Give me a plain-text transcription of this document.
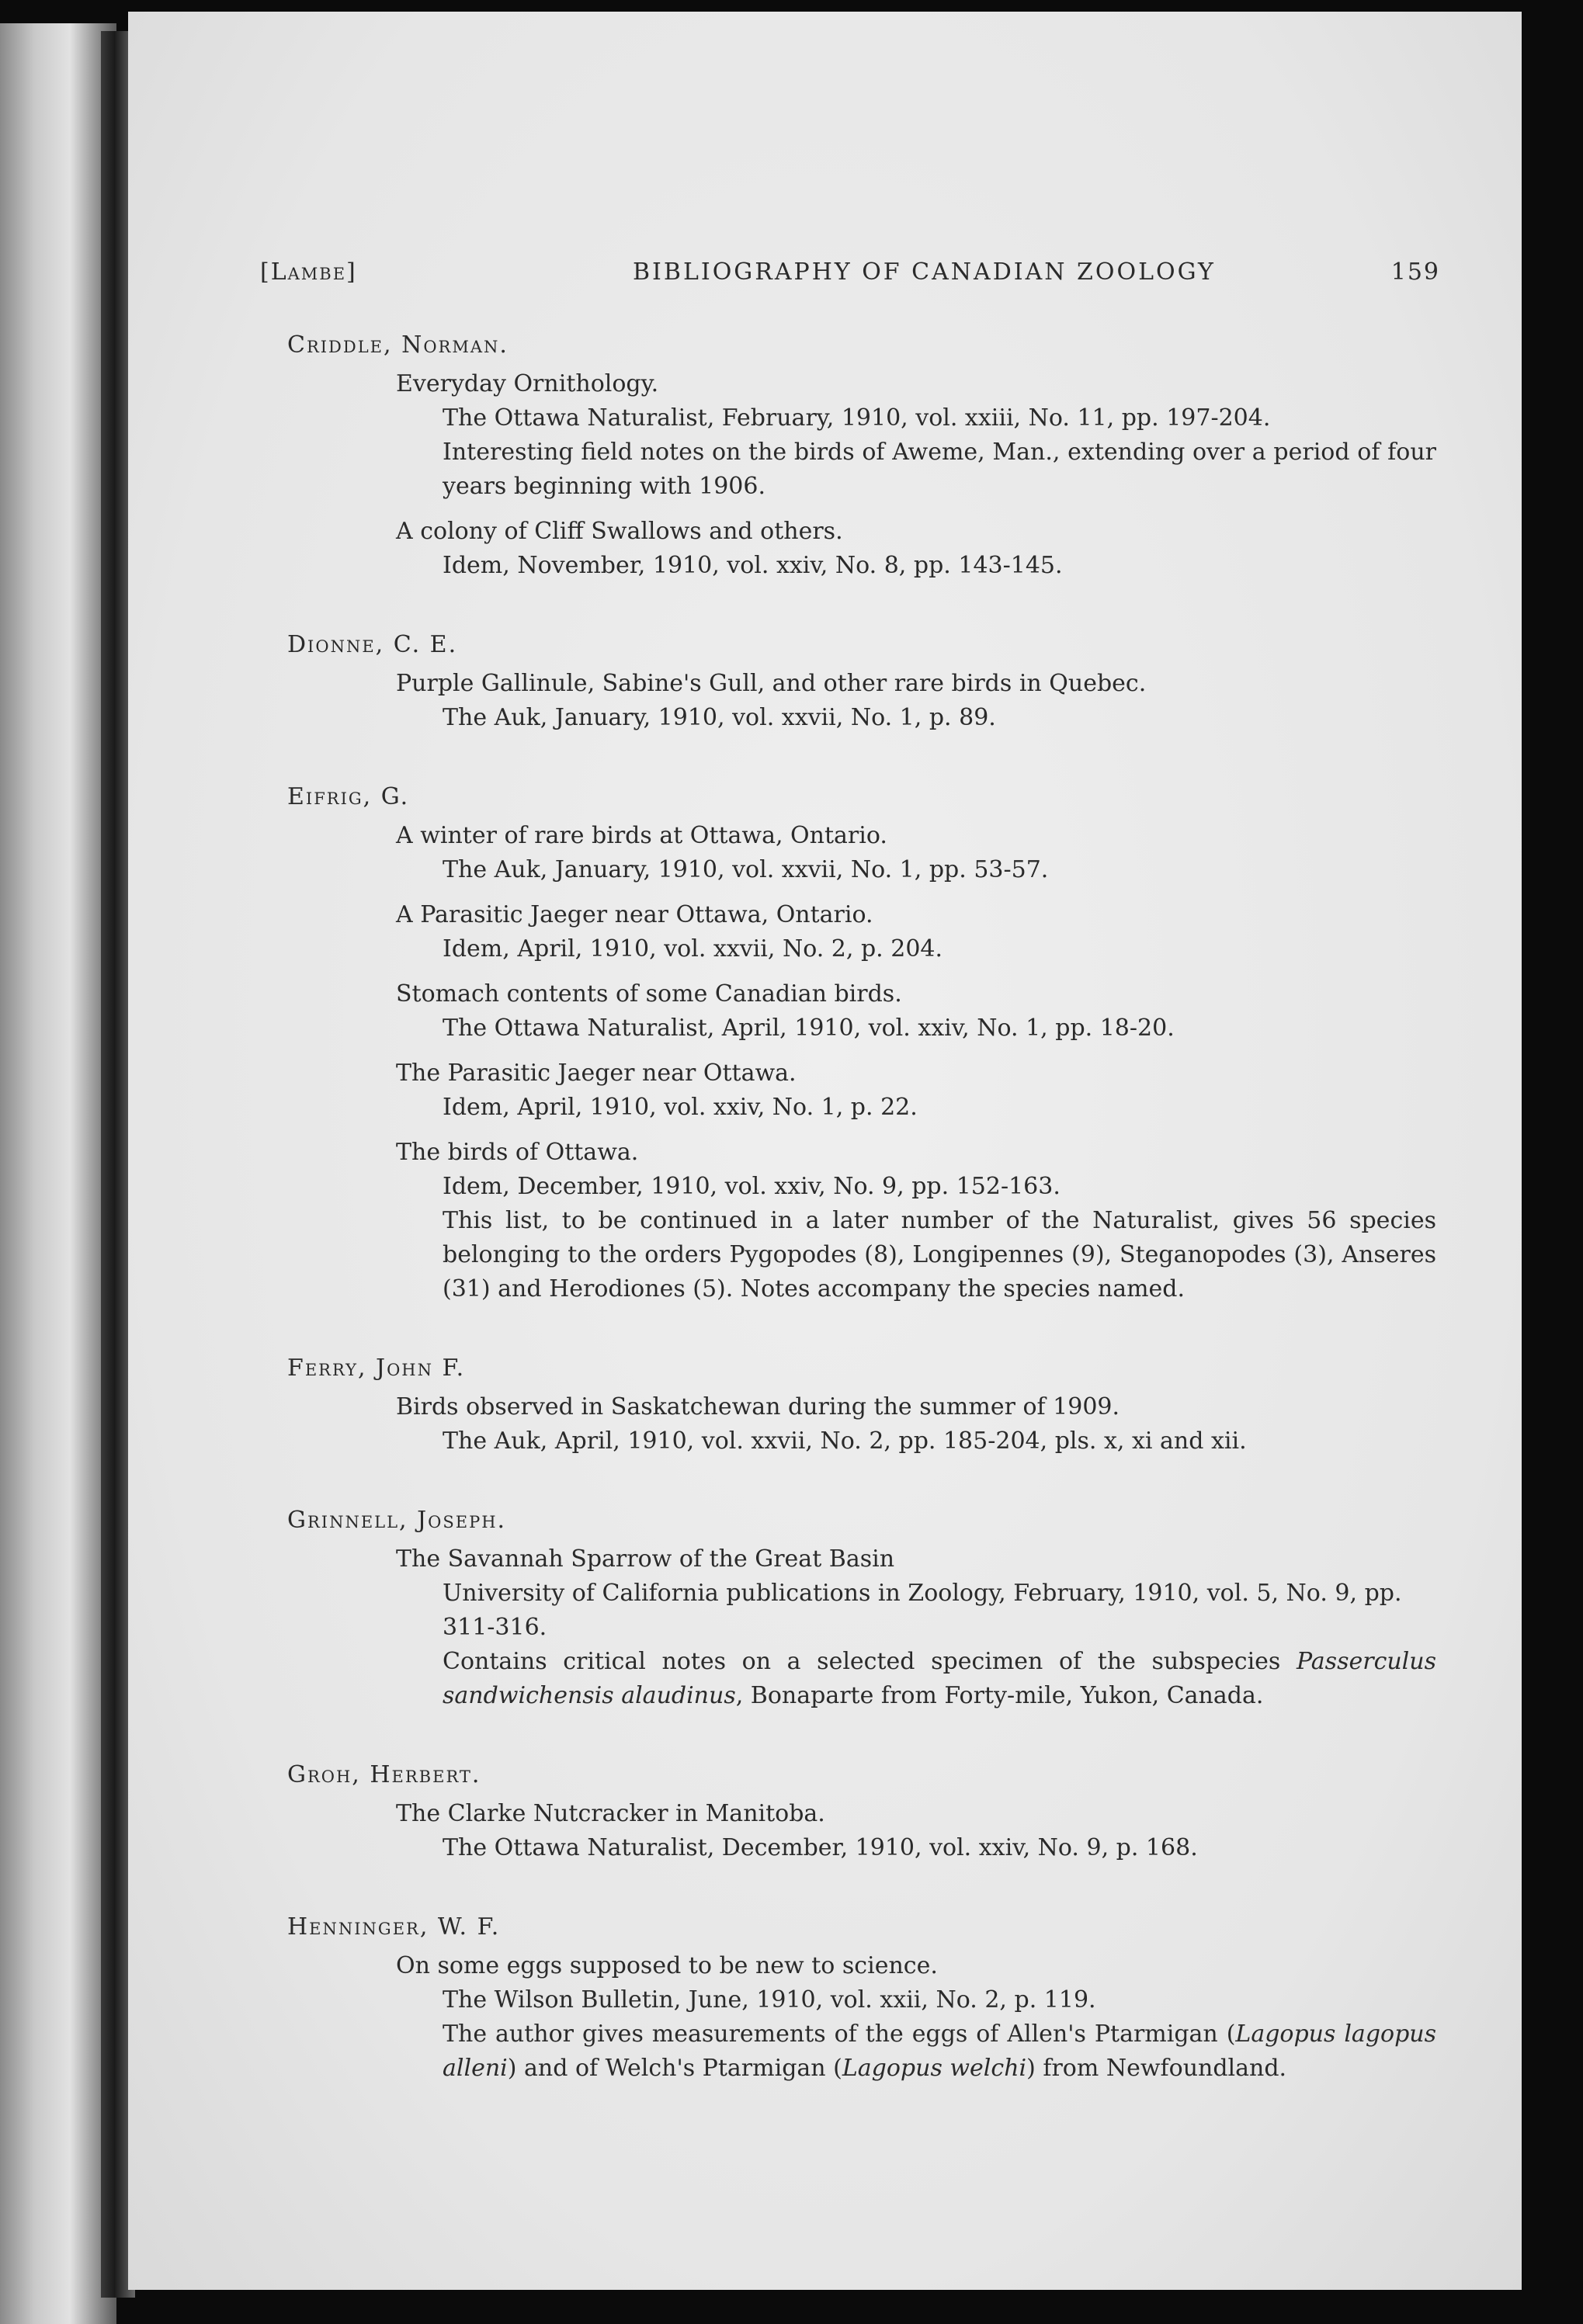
[Lambe]	BIBLIOGRAPHY OF CANADIAN ZOOLOGY	159
Criddle, Norman.
Everyday Ornithology.
The Ottawa Naturalist, February, 1910, vol. xxiii, No. 11, pp. 197-204.
Interesting field notes on the birds of Aweme, Man., extending over a period of four years beginning with 1906.
A colony of Cliff Swallows and others.
Idem, November, 1910, vol. xxiv, No. 8, pp. 143-145.
Dionne, C. E.
Purple Gallinule, Sabine's Gull, and other rare birds in Quebec.
The Auk, January, 1910, vol. xxvii, No. 1, p. 89.
Eifrig, G.
A winter of rare birds at Ottawa, Ontario.
The Auk, January, 1910, vol. xxvii, No. 1, pp. 53-57.
A Parasitic Jaeger near Ottawa, Ontario.
Idem, April, 1910, vol. xxvii, No. 2, p. 204.
Stomach contents of some Canadian birds.
The Ottawa Naturalist, April, 1910, vol. xxiv, No. 1, pp. 18-20.
The Parasitic Jaeger near Ottawa.
Idem, April, 1910, vol. xxiv, No. 1, p. 22.
The birds of Ottawa.
Idem, December, 1910, vol. xxiv, No. 9, pp. 152-163.
This list, to be continued in a later number of the Naturalist, gives 56 species belonging to the orders Pygopodes (8), Longipennes (9), Steganopodes (3), Anseres (31) and Herodiones (5). Notes accompany the species named.
Ferry, John F.
Birds observed in Saskatchewan during the summer of 1909.
The Auk, April, 1910, vol. xxvii, No. 2, pp. 185-204, pls. x, xi and xii.
Grinnell, Joseph.
The Savannah Sparrow of the Great Basin
University of California publications in Zoology, February, 1910, vol. 5, No. 9, pp. 311-316.
Contains critical notes on a selected specimen of the subspecies Passerculus sandwichensis alaudinus, Bonaparte from Forty-mile, Yukon, Canada.
Groh, Herbert.
The Clarke Nutcracker in Manitoba.
The Ottawa Naturalist, December, 1910, vol. xxiv, No. 9, p. 168.
Henninger, W. F.
On some eggs supposed to be new to science.
The Wilson Bulletin, June, 1910, vol. xxii, No. 2, p. 119.
The author gives measurements of the eggs of Allen's Ptarmigan (Lagopus lagopus alleni) and of Welch's Ptarmigan (Lagopus welchi) from Newfoundland.
